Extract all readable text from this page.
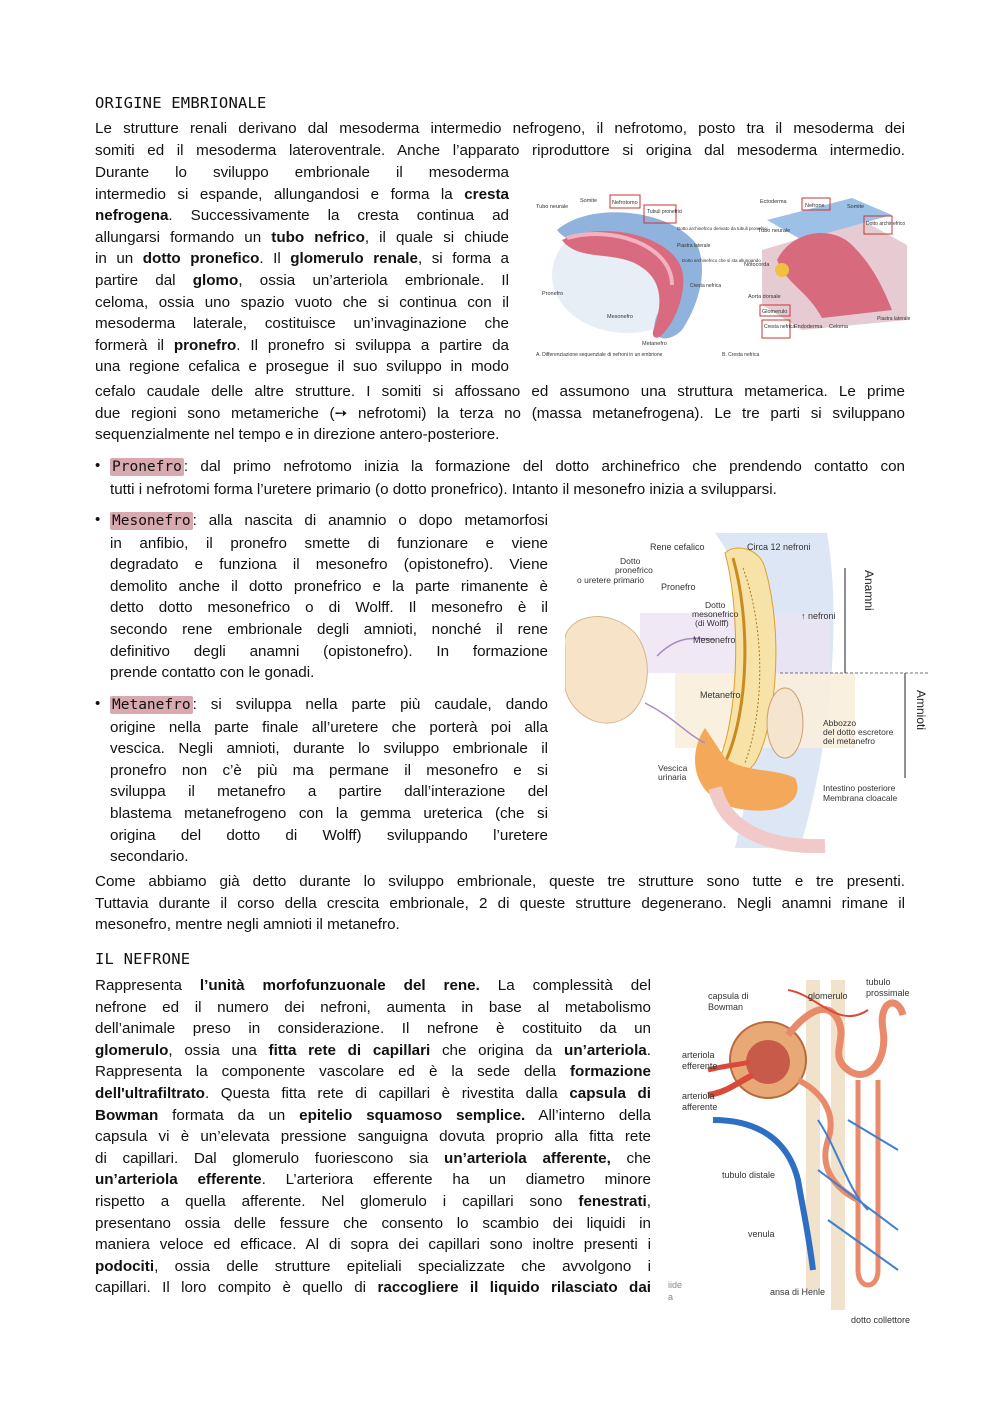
ORIGINE EMBRIONALE
Le strutture renali derivano dal mesoderma intermedio nefrogeno, il nefrotomo, posto tra il mesoderma dei
somiti ed il mesoderma lateroventrale. Anche l’apparato riproduttore si origina dal mesoderma intermedio.
Durante lo sviluppo embrionale il mesoderma
intermedio si espande, allungandosi e forma la cresta
nefrogena. Successivamente la cresta continua ad
allungarsi formando un tubo nefrico, il quale si chiude
in un dotto pronefico. Il glomerulo renale, si forma a
partire dal glomo, ossia un’arteriola embrionale. Il
celoma, ossia uno spazio vuoto che si continua con il
mesoderma laterale, costituisce un’invaginazione che
formerà il pronefro. Il pronefro si sviluppa a partire da
una regione cefalica e prosegue il suo sviluppo in modo
Tubo neurale
Somite	Nefrotomo
Tubuli pronefrici
Dotto archinefrico derivato da tubuli pronefrici
Piastra laterale
Dotto archinefrico che si sta allungando
Cresta nefrica
Pronefro
Mesonefro
Metanefro
A. Differenziazione sequenziale di nefroni in un embrione
Ectoderma
Nefrone	Somite
Dotto archinefrico
Tubo neurale
Notocorda
Aorta dorsale
Glomerulo
Cresta nefrica
Endoderma Celoma
Piastra laterale
B. Cresta nefrica
cefalo caudale delle altre strutture. I somiti si affossano ed assumono una struttura metamerica. Le prime
due regioni sono metameriche (➙ nefrotomi) la terza no (massa metanefrogena). Le tre parti si sviluppano
sequenzialmente nel tempo e in direzione antero-posteriore.
• Pronefro : dal primo nefrotomo inizia la formazione del dotto archinefrico che prendendo contatto con
tutti i nefrotomi forma l’uretere primario (o dotto pronefrico). Intanto il mesonefro inizia a svilupparsi.
• Mesonefro : alla nascita di anamnio o dopo metamorfosi
in anfibio, il pronefro smette di funzionare e viene
degradato e funziona il mesonefro (opistonefro). Viene
demolito anche il dotto pronefrico e la parte rimanente è
detto dotto mesonefrico o di Wolff. Il mesonefro è il
secondo rene embrionale degli amnioti, nonché il rene
definitivo degli anamni (opistonefro). In formazione
prende contatto con le gonadi.
• Metanefro : si sviluppa nella parte più caudale, dando
origine nella parte finale all’uretere che porterà poi alla
vescica. Negli amnioti, durante lo sviluppo embrionale il
pronefro non c’è più ma permane il mesonefro e si
sviluppa il metanefro a partire dall’interazione del
blastema metanefrogeno con la gemma ureterica (che si
origina del dotto di Wolff) sviluppando l’uretere
secondario.
Rene cefalico	Circa 12 nefroni
Dotto
pronefrico
o uretere primario
Pronefro
Dotto
mesonefrico
(di Wolff)
↑ nefroni
Mesonefro
Metanefro
Anamni
Amnioti
Abbozzo
del dotto escretore
del metanefro
Vescica
urinaria
Intestino posteriore
Membrana cloacale
Come abbiamo già detto durante lo sviluppo embrionale, queste tre strutture sono tutte e tre presenti.
Tuttavia durante il corso della crescita embrionale, 2 di queste strutture degenerano. Negli anamni rimane il
mesonefro, mentre negli amnioti il metanefro.
IL NEFRONE
Rappresenta l’unità morfofunzuonale del rene. La complessità del
nefrone ed il numero dei nefroni, aumenta in base al metabolismo
dell’animale preso in considerazione. Il nefrone è costituito da un
glomerulo, ossia una fitta rete di capillari che origina da un’arteriola.
Rappresenta la componente vascolare ed è la sede della formazione
dell'ultrafiltrato. Questa fitta rete di capillari è rivestita dalla capsula di
Bowman formata da un epitelio squamoso semplice. All’interno della
capsula vi è un’elevata pressione sanguigna dovuta proprio alla fitta rete
di capillari. Dal glomerulo fuoriescono sia un’arteriola afferente, che
un’arteriola efferente. L’arteriora efferente ha un diametro minore
rispetto a quella afferente. Nel glomerulo i capillari sono fenestrati,
presentano ossia delle fessure che consento lo scambio dei liquidi in
maniera veloce ed efficace. Al di sopra dei capillari sono inoltre presenti i
podociti, ossia delle strutture epiteliali specializzate che avvolgono i
capillari. Il loro compito è quello di raccogliere il liquido rilasciato dai
capsula di
Bowman
glomerulo
tubulo
prossimale
arteriola
efferente
arteriola
afferente
tubulo distale
venula
ansa di Henle
dotto collettore
iide
a
